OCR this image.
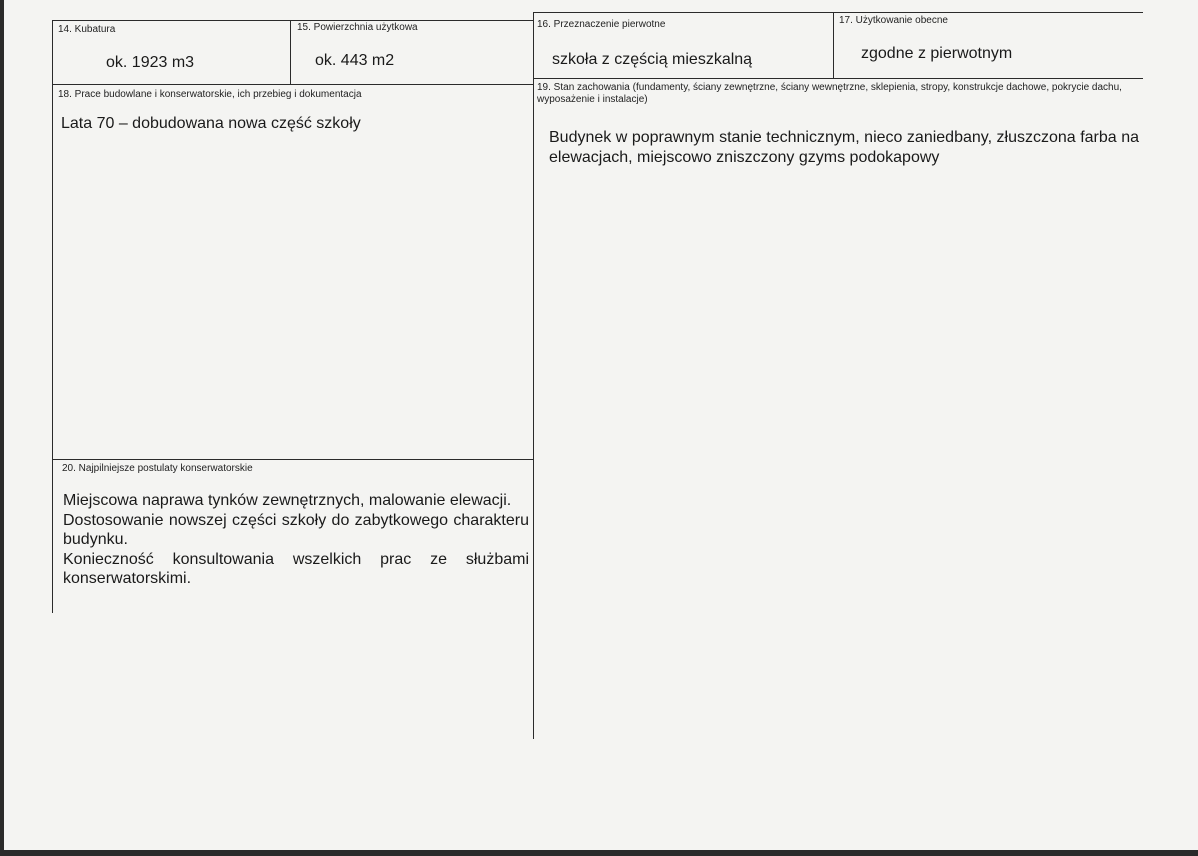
14. Kubatura
ok. 1923 m3
15. Powierzchnia użytkowa
ok. 443 m2
16. Przeznaczenie pierwotne
szkoła z częścią mieszkalną
17. Użytkowanie obecne
zgodne z pierwotnym
18. Prace budowlane i konserwatorskie, ich przebieg i dokumentacja
Lata 70 – dobudowana nowa część szkoły
19. Stan zachowania (fundamenty, ściany zewnętrzne, ściany wewnętrzne, sklepienia, stropy, konstrukcje dachowe, pokrycie dachu, wyposażenie i instalacje)
Budynek w poprawnym stanie technicznym, nieco zaniedbany, złuszczona farba na elewacjach, miejscowo zniszczony gzyms podokapowy
20. Najpilniejsze postulaty konserwatorskie

Miejscowa naprawa tynków zewnętrznych, malowanie elewacji.

Dostosowanie nowszej części szkoły do zabytkowego charakteru budynku.

Konieczność konsultowania wszelkich prac ze służbami konserwatorskimi.
